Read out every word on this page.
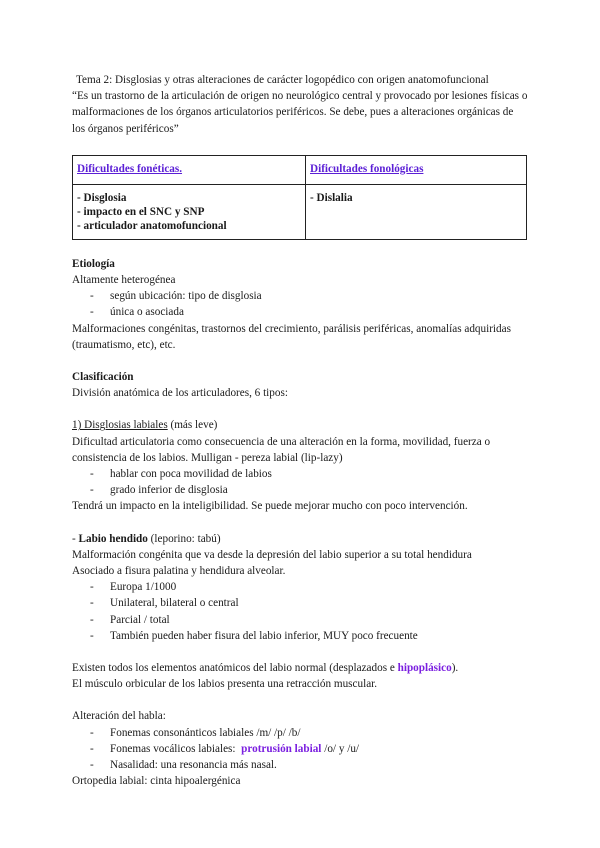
Tema 2: Disglosias y otras alteraciones de carácter logopédico con origen anatomofuncional

“Es un trastorno de la articulación de origen no neurológico central y provocado por lesiones físicas o malformaciones de los órganos articulatorios periféricos. Se debe, pues a alteraciones orgánicas de los órganos periféricos”

Dificultades fonéticas.	Dificultades fonológicas

- Disglosia
- impacto en el SNC y SNP
- articulador anatomofuncional	- Dislalia

Etiología

Altamente heterogénea

- según ubicación: tipo de disglosia
- única o asociada

Malformaciones congénitas, trastornos del crecimiento, parálisis periféricas, anomalías adquiridas (traumatismo, etc), etc.

Clasificación

División anatómica de los articuladores, 6 tipos:

1) Disglosias labiales (más leve)

Dificultad articulatoria como consecuencia de una alteración en la forma, movilidad, fuerza o consistencia de los labios. Mulligan - pereza labial (lip-lazy)

- hablar con poca movilidad de labios
- grado inferior de disglosia

Tendrá un impacto en la inteligibilidad. Se puede mejorar mucho con poco intervención.

- Labio hendido (leporino: tabú)

Malformación congénita que va desde la depresión del labio superior a su total hendidura

Asociado a fisura palatina y hendidura alveolar.

- Europa 1/1000
- Unilateral, bilateral o central
- Parcial / total
- También pueden haber fisura del labio inferior, MUY poco frecuente

Existen todos los elementos anatómicos del labio normal (desplazados e hipoplásico).

El músculo orbicular de los labios presenta una retracción muscular.

Alteración del habla:

- Fonemas consonánticos labiales /m/ /p/ /b/
- Fonemas vocálicos labiales:  protrusión labial /o/ y /u/
- Nasalidad: una resonancia más nasal.

Ortopedia labial: cinta hipoalergénica
